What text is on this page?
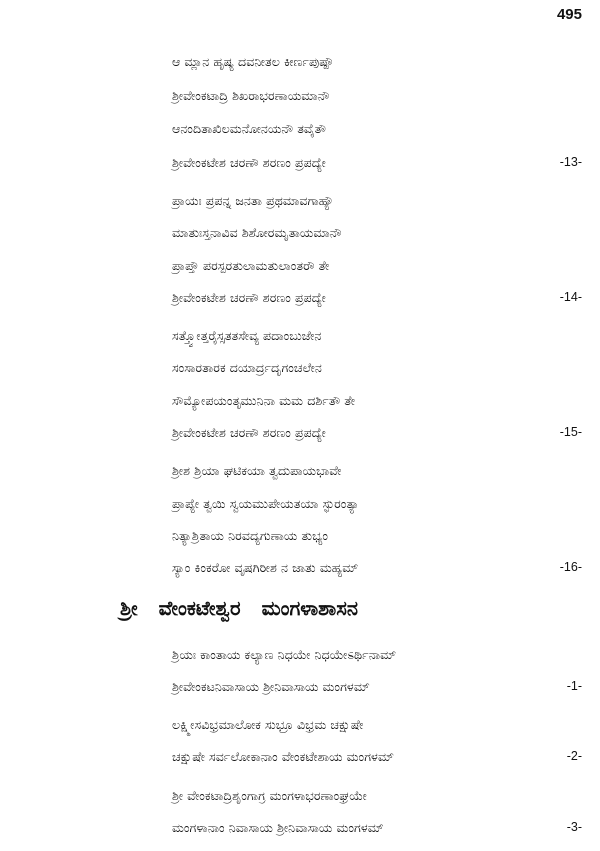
495
ಆ ಮ್ಲಾನ ಹೃಷ್ಯ ದವನೀತಲ ಕೀರ್ಣಪುಷ್ಪೌ
ಶ್ರೀವೇಂಕಟಾದ್ರಿ ಶಿಖರಾಭರಣಾಯಮಾನೌ
ಆನಂದಿತಾಖಿಲಮನೋನಯನೌ ತವೈತೌ
ಶ್ರೀವೇಂಕಟೇಶ ಚರಣೌ ಶರಣಂ ಪ್ರಪದ್ಯೇ	-13-
ಪ್ರಾಯಃ ಪ್ರಪನ್ನ ಜನತಾ ಪ್ರಥಮಾವಗಾಹ್ಯೌ
ಮಾತುಃಸ್ತನಾವಿವ ಶಿಶೋರಮೃತಾಯಮಾನೌ
ಪ್ರಾಪ್ತೌ ಪರಸ್ಪರತುಲಾಮತುಲಾಂತರೌ ತೇ
ಶ್ರೀವೇಂಕಟೇಶ ಚರಣೌ ಶರಣಂ ಪ್ರಪದ್ಯೇ	-14-
ಸತ್ತ್ವೋತ್ತರೈಸ್ಸತತಸೇವ್ಯ ಪದಾಂಬುಜೇನ
ಸಂಸಾರತಾರಕ ದಯಾರ್ದ್ರದೃಗಂಚಲೇನ
ಸೌಮ್ಯೋಪಯಂತೃಮುನಿನಾ ಮಮ ದರ್ಶಿತೌ ತೇ
ಶ್ರೀವೇಂಕಟೇಶ ಚರಣೌ ಶರಣಂ ಪ್ರಪದ್ಯೇ	-15-
ಶ್ರೀಶ ಶ್ರಿಯಾ ಘಟಿಕಯಾ ತ್ವದುಪಾಯಭಾವೇ
ಪ್ರಾಪ್ಯೇ ತ್ವಯಿ ಸ್ವಯಮುಪೇಯತಯಾ ಸ್ಫುರಂತ್ಯಾ
ನಿತ್ಯಾಶ್ರಿತಾಯ ನಿರವದ್ಯಗುಣಾಯ ತುಭ್ಯಂ
ಸ್ಯಾಂ ಕಿಂಕರೋ ವೃಷಗಿರೀಶ ನ ಜಾತು ಮಹ್ಯಮ್	-16-
ಶ್ರೀ ವೇಂಕಟೇಶ್ವರ ಮಂಗಳಾಶಾಸನ
ಶ್ರಿಯಃ ಕಾಂತಾಯ ಕಲ್ಯಾಣ ನಿಧಯೇ ನಿಧಯೇಽರ್ಥಿನಾಮ್
ಶ್ರೀವೇಂಕಟನಿವಾಸಾಯ ಶ್ರೀನಿವಾಸಾಯ ಮಂಗಳಮ್	-1-
ಲಕ್ಷ್ಮೀಸವಿಭ್ರಮಾಲೋಕ ಸುಭ್ರೂ ವಿಭ್ರಮ ಚಕ್ಷುಷೇ
ಚಕ್ಷುಷೇ ಸರ್ವಲೋಕಾನಾಂ ವೇಂಕಟೇಶಾಯ ಮಂಗಳಮ್	-2-
ಶ್ರೀ ವೇಂಕಟಾದ್ರಿಶೃಂಗಾಗ್ರ ಮಂಗಳಾಭರಣಾಂಘ್ರಯೇ
ಮಂಗಳಾನಾಂ ನಿವಾಸಾಯ ಶ್ರೀನಿವಾಸಾಯ ಮಂಗಳಮ್	-3-
